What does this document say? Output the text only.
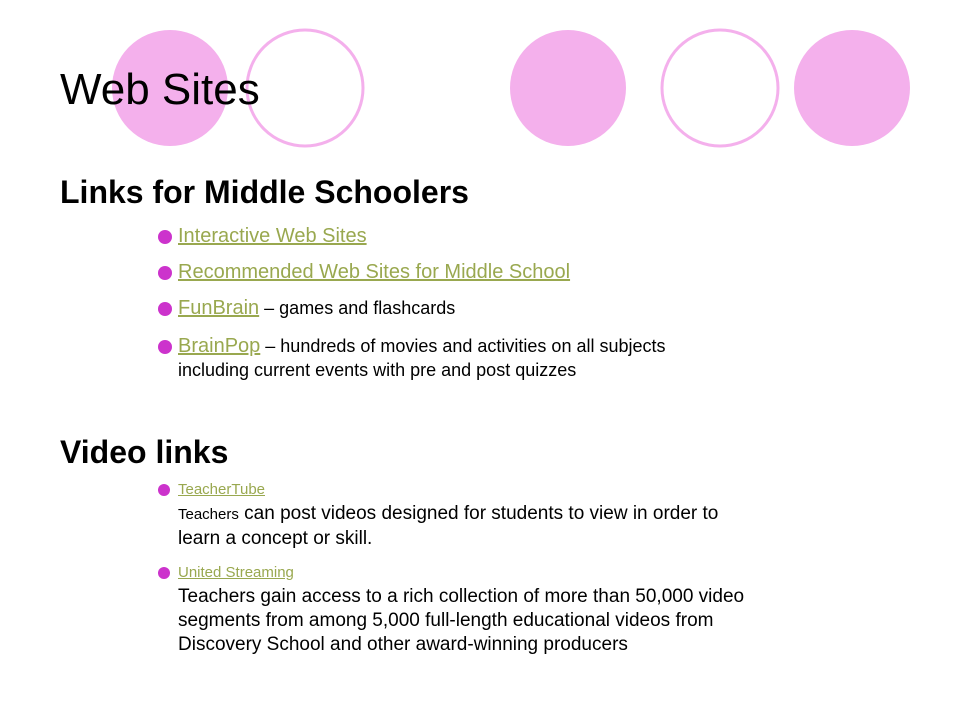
Web Sites
Links for Middle Schoolers
Interactive Web Sites
Recommended Web Sites for Middle School
FunBrain – games and flashcards
BrainPop – hundreds of movies and activities on all subjects
including current events with pre and post quizzes
Video links
TeacherTube
Teachers can post videos designed for students to view in order to
learn a concept or skill.
United Streaming
Teachers gain access to a rich collection of more than 50,000 video
segments from among 5,000 full-length educational videos from
Discovery School and other award-winning producers
